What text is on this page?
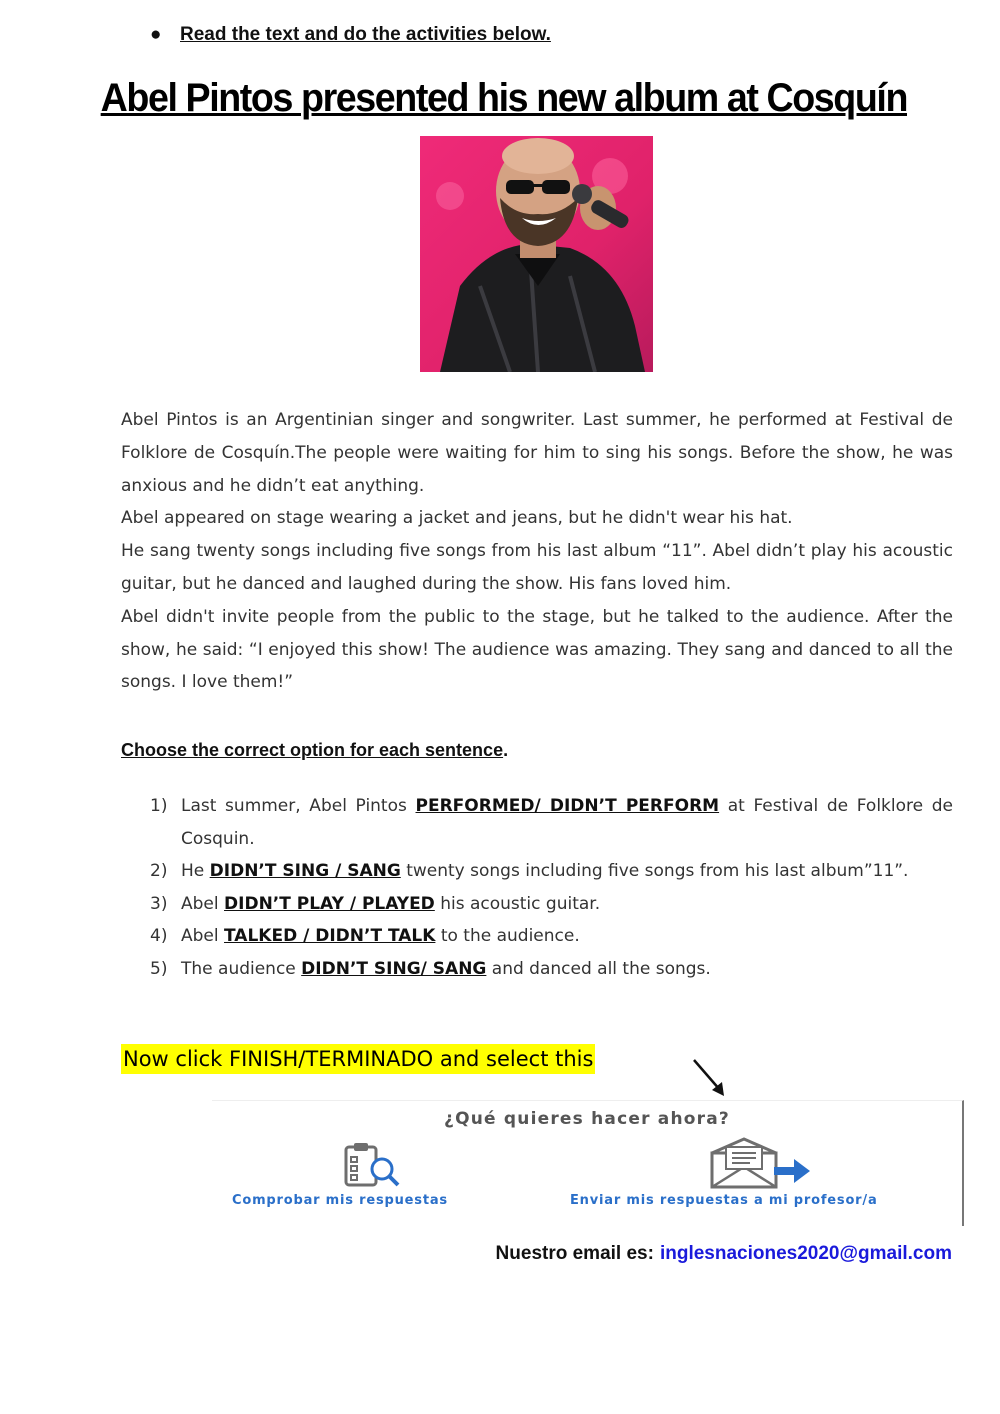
● Read the text and do the activities below.
Abel Pintos presented his new album at Cosquín

Abel Pintos is an Argentinian singer and songwriter. Last summer, he performed at Festival de Folklore de Cosquín.The people were waiting for him to sing his songs. Before the show, he was anxious and he didn’t eat anything.

Abel appeared on stage wearing a jacket and jeans, but he didn't wear his hat.

He sang twenty songs including five songs from his last album “11”. Abel didn’t play his acoustic guitar, but he danced and laughed during the show. His fans loved him.

Abel didn't invite people from the public to the stage, but he talked to the audience. After the show, he said: “I enjoyed this show! The audience was amazing. They sang and danced to all the songs. I love them!”

Choose the correct option for each sentence.
1) Last summer, Abel Pintos PERFORMED/ DIDN’T PERFORM at Festival de Folklore de Cosquin.
2) He DIDN’T SING / SANG twenty songs including five songs from his last album”11”.
3) Abel DIDN’T PLAY / PLAYED his acoustic guitar.
4) Abel TALKED / DIDN’T TALK to the audience.
5) The audience DIDN’T SING/ SANG and danced all the songs.
Now click FINISH/TERMINADO and select this
¿Qué quieres hacer ahora?
Comprobar mis respuestas	Enviar mis respuestas a mi profesor/a
Nuestro email es: inglesnaciones2020@gmail.com
